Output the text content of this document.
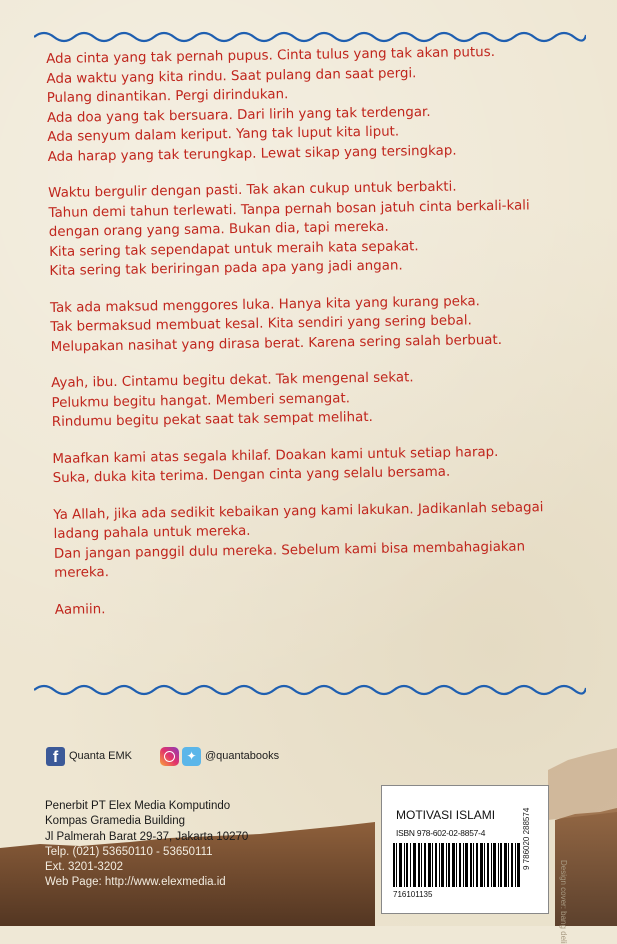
Ada cinta yang tak pernah pupus. Cinta tulus yang tak akan putus.
Ada waktu yang kita rindu. Saat pulang dan saat pergi.
Pulang dinantikan. Pergi dirindukan.
Ada doa yang tak bersuara. Dari lirih yang tak terdengar.
Ada senyum dalam keriput. Yang tak luput kita liput.
Ada harap yang tak terungkap. Lewat sikap yang tersingkap.
Waktu bergulir dengan pasti. Tak akan cukup untuk berbakti.
Tahun demi tahun terlewati. Tanpa pernah bosan jatuh cinta berkali-kali
dengan orang yang sama. Bukan dia, tapi mereka.
Kita sering tak sependapat untuk meraih kata sepakat.
Kita sering tak beriringan pada apa yang jadi angan.
Tak ada maksud menggores luka. Hanya kita yang kurang peka.
Tak bermaksud membuat kesal. Kita sendiri yang sering bebal.
Melupakan nasihat yang dirasa berat. Karena sering salah berbuat.
Ayah, ibu. Cintamu begitu dekat. Tak mengenal sekat.
Pelukmu begitu hangat. Memberi semangat.
Rindumu begitu pekat saat tak sempat melihat.
Maafkan kami atas segala khilaf. Doakan kami untuk setiap harap.
Suka, duka kita terima. Dengan cinta yang selalu bersama.
Ya Allah, jika ada sedikit kebaikan yang kami lakukan. Jadikanlah sebagai
ladang pahala untuk mereka.
Dan jangan panggil dulu mereka. Sebelum kami bisa membahagiakan
mereka.
Aamiin.
f Quanta EMK	✦ @quantabooks
Penerbit PT Elex Media Komputindo
Kompas Gramedia Building
Jl Palmerah Barat 29-37, Jakarta 10270
Telp. (021) 53650110 - 53650111
Ext. 3201-3202
Web Page: http://www.elexmedia.id
MOTIVASI ISLAMI
ISBN 978-602-02-8857-4
716101135
9 786020 288574
Design cover: bang deli
